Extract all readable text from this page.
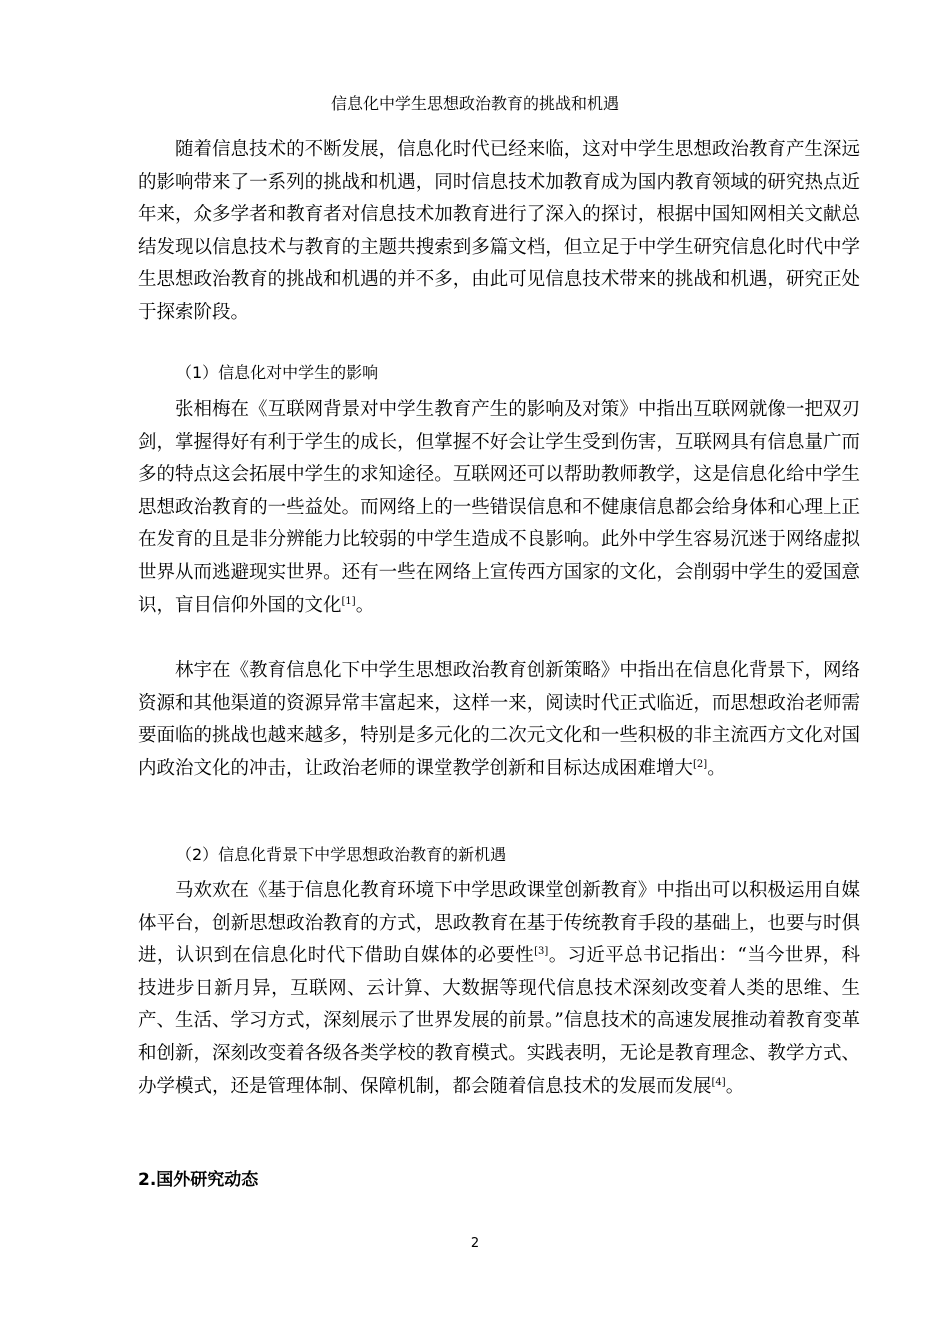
信息化中学生思想政治教育的挑战和机遇

随着信息技术的不断发展，信息化时代已经来临，这对中学生思想政治教育产生深远的影响带来了一系列的挑战和机遇，同时信息技术加教育成为国内教育领域的研究热点近年来，众多学者和教育者对信息技术加教育进行了深入的探讨，根据中国知网相关文献总结发现以信息技术与教育的主题共搜索到多篇文档，但立足于中学生研究信息化时代中学生思想政治教育的挑战和机遇的并不多，由此可见信息技术带来的挑战和机遇，研究正处于探索阶段。

（1）信息化对中学生的影响

张相梅在《互联网背景对中学生教育产生的影响及对策》中指出互联网就像一把双刃剑，掌握得好有利于学生的成长，但掌握不好会让学生受到伤害，互联网具有信息量广而多的特点这会拓展中学生的求知途径。互联网还可以帮助教师教学，这是信息化给中学生思想政治教育的一些益处。而网络上的一些错误信息和不健康信息都会给身体和心理上正在发育的且是非分辨能力比较弱的中学生造成不良影响。此外中学生容易沉迷于网络虚拟世界从而逃避现实世界。还有一些在网络上宣传西方国家的文化，会削弱中学生的爱国意识，盲目信仰外国的文化[1]。

林宇在《教育信息化下中学生思想政治教育创新策略》中指出在信息化背景下，网络资源和其他渠道的资源异常丰富起来，这样一来，阅读时代正式临近，而思想政治老师需要面临的挑战也越来越多，特别是多元化的二次元文化和一些积极的非主流西方文化对国内政治文化的冲击，让政治老师的课堂教学创新和目标达成困难增大[2]。

（2）信息化背景下中学思想政治教育的新机遇

马欢欢在《基于信息化教育环境下中学思政课堂创新教育》中指出可以积极运用自媒体平台，创新思想政治教育的方式，思政教育在基于传统教育手段的基础上，也要与时俱进，认识到在信息化时代下借助自媒体的必要性[3]。习近平总书记指出：“当今世界，科技进步日新月异，互联网、云计算、大数据等现代信息技术深刻改变着人类的思维、生产、生活、学习方式，深刻展示了世界发展的前景。”信息技术的高速发展推动着教育变革和创新，深刻改变着各级各类学校的教育模式。实践表明，无论是教育理念、教学方式、办学模式，还是管理体制、保障机制，都会随着信息技术的发展而发展[4]。

2.国外研究动态
2
